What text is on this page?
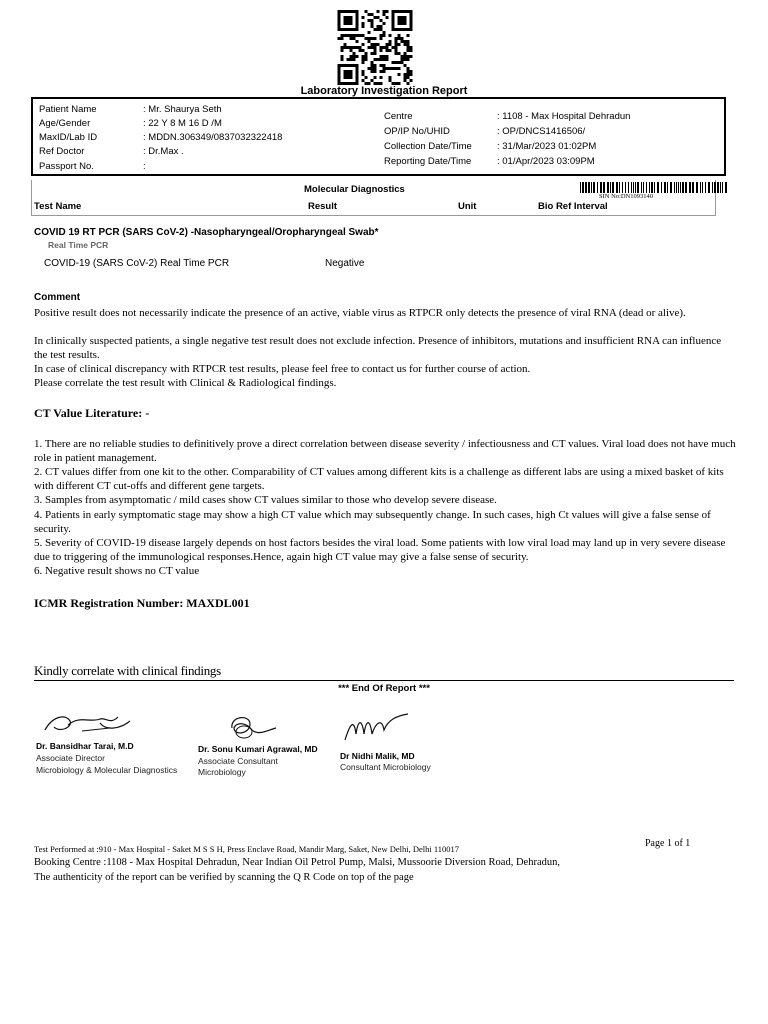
Laboratory Investigation Report
Patient Name	: Mr. Shaurya Seth
Age/Gender	: 22 Y 8 M 16 D /M
MaxID/Lab ID	: MDDN.306349/0837032322418
Ref Doctor	: Dr.Max .
Passport No.	:
Centre	: 1108 - Max Hospital Dehradun
OP/IP No/UHID	: OP/DNCS1416506/
Collection Date/Time	: 31/Mar/2023 01:02PM
Reporting Date/Time	: 01/Apr/2023 03:09PM
Molecular Diagnostics
SIN No:DN1093140
Test Name	Result	Unit	Bio Ref Interval
COVID 19 RT PCR (SARS CoV-2) -Nasopharyngeal/Oropharyngeal Swab*
Real Time PCR
COVID-19 (SARS CoV-2) Real Time PCR	Negative
Comment
Positive result does not necessarily indicate the presence of an active, viable virus as RTPCR only detects the presence of viral RNA (dead or alive).
In clinically suspected patients, a single negative test result does not exclude infection. Presence of inhibitors, mutations and insufficient RNA can influence the test results.
In case of clinical discrepancy with RTPCR test results, please feel free to contact us for further course of action.
Please correlate the test result with Clinical & Radiological findings.
CT Value Literature: -
1. There are no reliable studies to definitively prove a direct correlation between disease severity / infectiousness and CT values. Viral load does not have much role in patient management.
2. CT values differ from one kit to the other. Comparability of CT values among different kits is a challenge as different labs are using a mixed basket of kits with different CT cut-offs and different gene targets.
3. Samples from asymptomatic / mild cases show CT values similar to those who develop severe disease.
4. Patients in early symptomatic stage may show a high CT value which may subsequently change. In such cases, high Ct values will give a false sense of security.
5. Severity of COVID-19 disease largely depends on host factors besides the viral load. Some patients with low viral load may land up in very severe disease due to triggering of the immunological responses.Hence, again high CT value may give a false sense of security.
6. Negative result shows no CT value
ICMR Registration Number: MAXDL001
Kindly correlate with clinical findings
*** End Of Report ***
Dr. Bansidhar Tarai, M.D
Associate Director
Microbiology & Molecular Diagnostics
Dr. Sonu Kumari Agrawal, MD
Associate Consultant
Microbiology
Dr Nidhi Malik, MD
Consultant Microbiology
Page 1 of 1
Test Performed at :910 - Max Hospital - Saket M S S H, Press Enclave Road, Mandir Marg, Saket, New Delhi, Delhi 110017
Booking Centre :1108 - Max Hospital Dehradun, Near Indian Oil Petrol Pump, Malsi, Mussoorie Diversion Road, Dehradun,
The authenticity of the report can be verified by scanning the Q R Code on top of the page
